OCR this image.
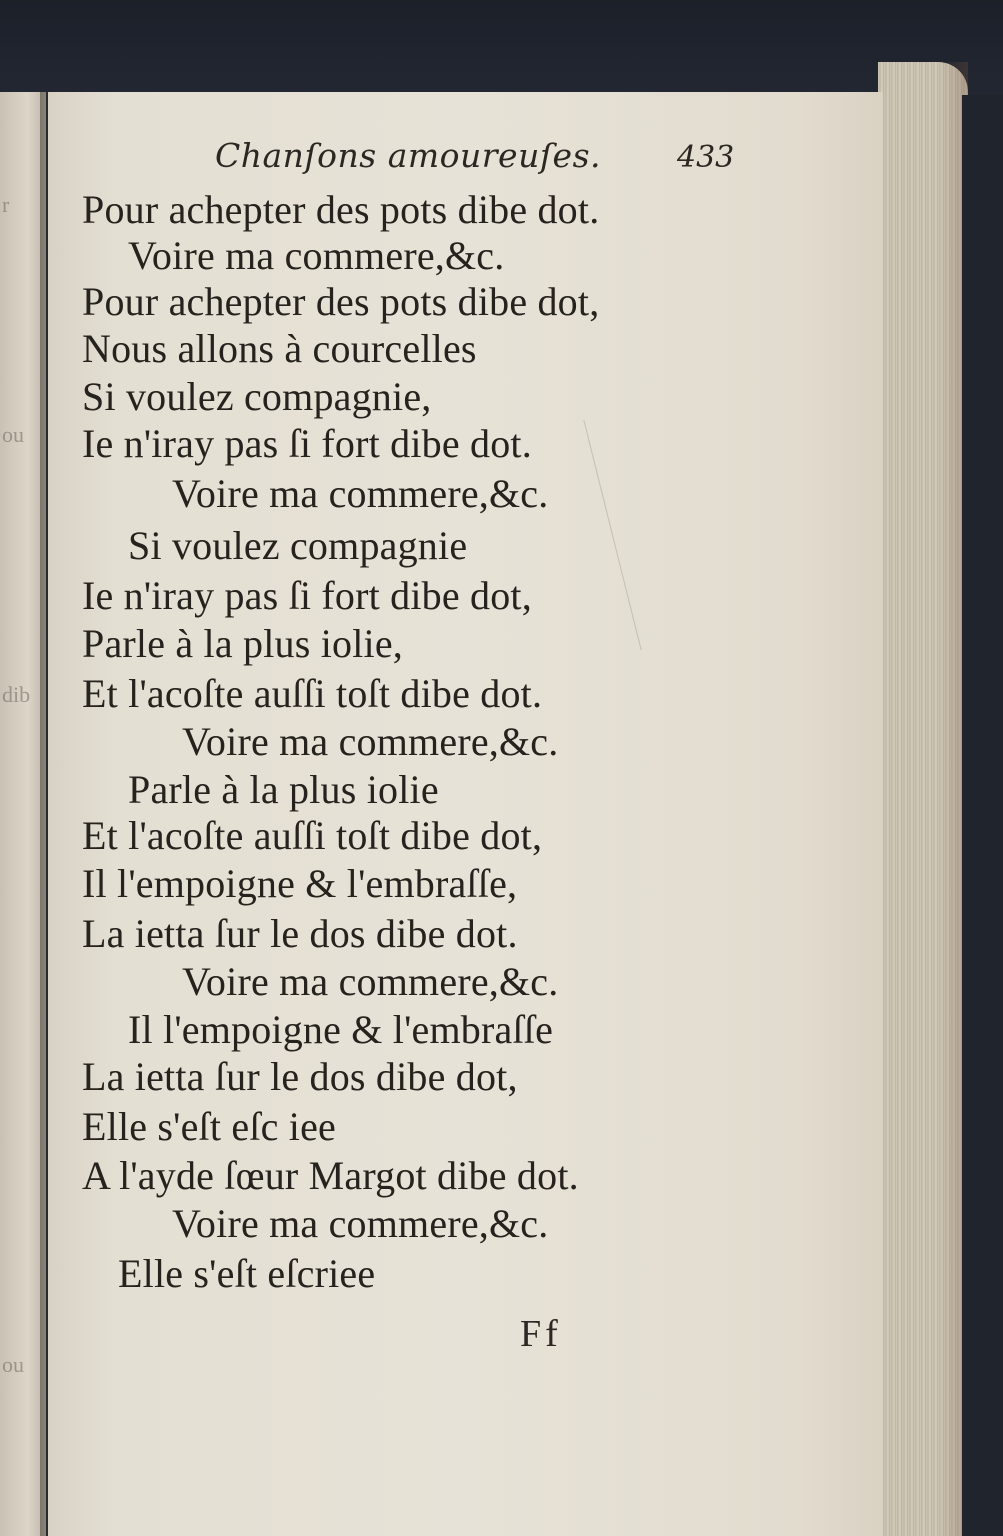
r
ou
dib
ou
Chanſons amoureuſes.	433
Pour achepter des pots dibe dot.
Voire ma commere,&c.
Pour achepter des pots dibe dot,
Nous allons à courcelles
Si voulez compagnie,
Ie n'iray pas ſi fort dibe dot.
Voire ma commere,&c.
Si voulez compagnie
Ie n'iray pas ſi fort dibe dot,
Parle à la plus iolie,
Et l'acoſte auſſi toſt dibe dot.
Voire ma commere,&c.
Parle à la plus iolie
Et l'acoſte auſſi toſt dibe dot,
Il l'empoigne & l'embraſſe,
La ietta ſur le dos dibe dot.
Voire ma commere,&c.
Il l'empoigne & l'embraſſe
La ietta ſur le dos dibe dot,
Elle s'eſt eſc iee
A l'ayde ſœur Margot dibe dot.
Voire ma commere,&c.
Elle s'eſt eſcriee
Ff
